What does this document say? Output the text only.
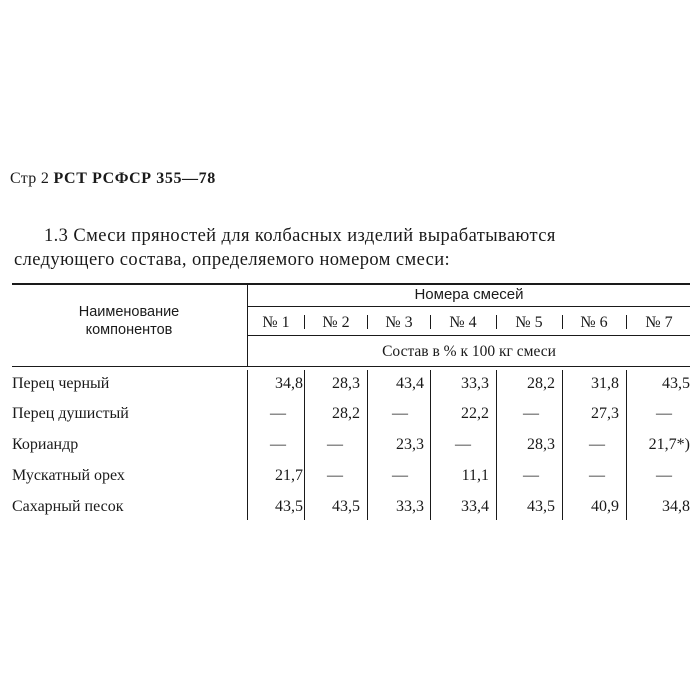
Стр 2 РСТ РСФСР 355—78
1.3 Смеси пряностей для колбасных изделий вырабатываются
следующего состава, определяемого номером смеси:
Наименование
компонентов
Номера смесей
№ 1	№ 2	№ 3	№ 4	№ 5	№ 6	№ 7
Состав в % к 100 кг смеси
Перец черный	34,8	28,3	43,4	33,3	28,2	31,8	43,5
Перец душистый	—	28,2	—	22,2	—	27,3	—
Кориандр	—	—	23,3	—	28,3	—	21,7*)
Мускатный орех	21,7	—	—	11,1	—	—	—
Сахарный песок	43,5	43,5	33,3	33,4	43,5	40,9	34,8
